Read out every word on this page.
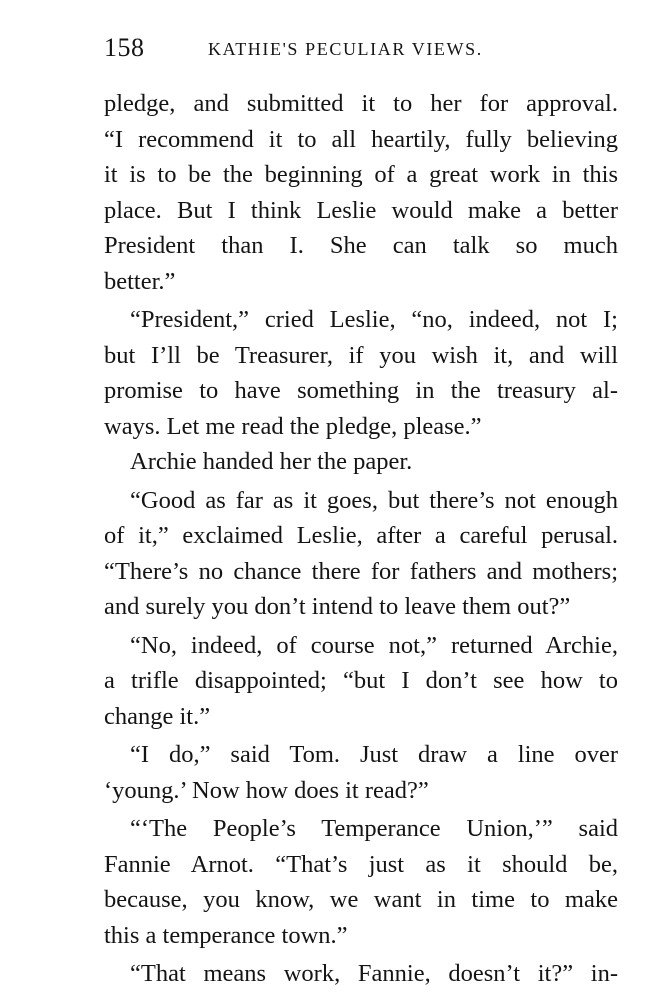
158	KATHIE'S PECULIAR VIEWS.
pledge, and submitted it to her for approval.
“I recommend it to all heartily, fully believing
it is to be the beginning of a great work in this
place. But I think Leslie would make a better
President than I. She can talk so much
better.”
“President,” cried Leslie, “no, indeed, not I;
but I’ll be Treasurer, if you wish it, and will
promise to have something in the treasury al-
ways. Let me read the pledge, please.”
Archie handed her the paper.
“Good as far as it goes, but there’s not enough
of it,” exclaimed Leslie, after a careful perusal.
“There’s no chance there for fathers and mothers;
and surely you don’t intend to leave them out?”
“No, indeed, of course not,” returned Archie,
a trifle disappointed; “but I don’t see how to
change it.”
“I do,” said Tom. Just draw a line over
‘young.’ Now how does it read?”
“‘The People’s Temperance Union,’” said
Fannie Arnot. “That’s just as it should be,
because, you know, we want in time to make
this a temperance town.”
“That means work, Fannie, doesn’t it?” in-
